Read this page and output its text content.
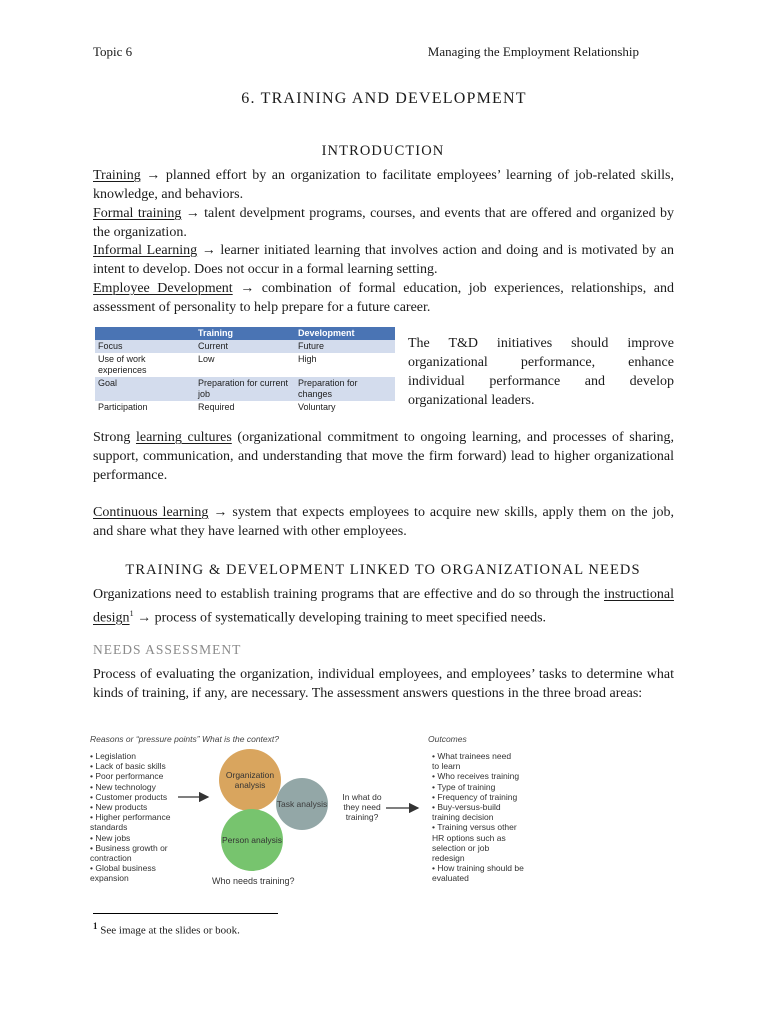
Topic 6	Managing the Employment Relationship
6. TRAINING AND DEVELOPMENT
INTRODUCTION

Training → planned effort by an organization to facilitate employees’ learning of job-related skills, knowledge, and behaviors.

Formal training → talent develpment programs, courses, and events that are offered and organized by the organization.

Informal Learning → learner initiated learning that involves action and doing and is motivated by an intent to develop. Does not occur in a formal learning setting.

Employee Development → combination of formal education, job experiences, relationships, and assessment of personality to help prepare for a future career.

	Training	Development
Focus	Current	Future
Use of work experiences	Low	High
Goal	Preparation for current job	Preparation for changes
Participation	Required	Voluntary

The T&D initiatives should improve organizational performance, enhance individual performance and develop organizational leaders.

Strong learning cultures (organizational commitment to ongoing learning, and processes of sharing, support, communication, and understanding that move the firm forward) lead to higher organizational performance.

Continuous learning → system that expects employees to acquire new skills, apply them on the job, and share what they have learned with other employees.

TRAINING & DEVELOPMENT LINKED TO ORGANIZATIONAL NEEDS

Organizations need to establish training programs that are effective and do so through the instructional design$^1$ → process of systematically developing training to meet specified needs.

NEEDS ASSESSMENT

Process of evaluating the organization, individual employees, and employees’ tasks to determine what kinds of training, if any, are necessary. The assessment answers questions in the three broad areas:

Reasons or “pressure points” What is the context?
• Legislation
• Lack of basic skills
• Poor performance
• New technology
• Customer products
• New products
• Higher performance
standards
• New jobs
• Business growth or
contraction
• Global business
expansion
Organization analysis
Task analysis
Person analysis
In what do they need training?
Who needs training?
Outcomes
• What trainees need
to learn
• Who receives training
• Type of training
• Frequency of training
• Buy-versus-build
training decision
• Training versus other
HR options such as
selection or job
redesign
• How training should be
evaluated
$^1$ See image at the slides or book.
